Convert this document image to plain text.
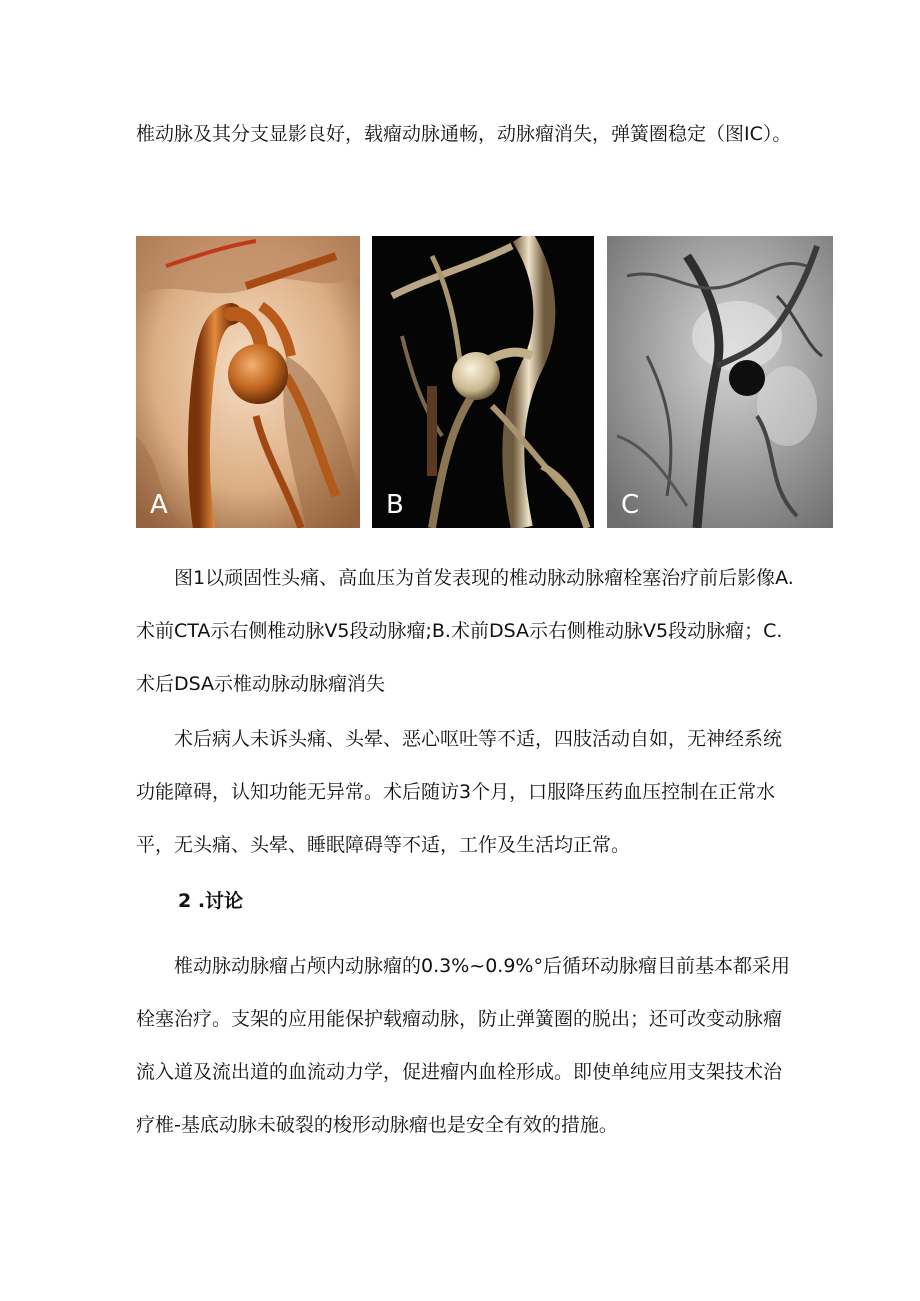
椎动脉及其分支显影良好，载瘤动脉通畅，动脉瘤消失，弹簧圈稳定（图IC）。

A	B	C

图1以顽固性头痛、高血压为首发表现的椎动脉动脉瘤栓塞治疗前后影像A.术前CTA示右侧椎动脉V5段动脉瘤;B.术前DSA示右侧椎动脉V5段动脉瘤；C.术后DSA示椎动脉动脉瘤消失

术后病人未诉头痛、头晕、恶心呕吐等不适，四肢活动自如，无神经系统功能障碍，认知功能无异常。术后随访3个月，口服降压药血压控制在正常水平，无头痛、头晕、睡眠障碍等不适，工作及生活均正常。

2 .讨论

椎动脉动脉瘤占颅内动脉瘤的0.3%~0.9%°后循环动脉瘤目前基本都采用栓塞治疗。支架的应用能保护载瘤动脉，防止弹簧圈的脱出；还可改变动脉瘤流入道及流出道的血流动力学，促进瘤内血栓形成。即使单纯应用支架技术治疗椎-基底动脉未破裂的梭形动脉瘤也是安全有效的措施。
